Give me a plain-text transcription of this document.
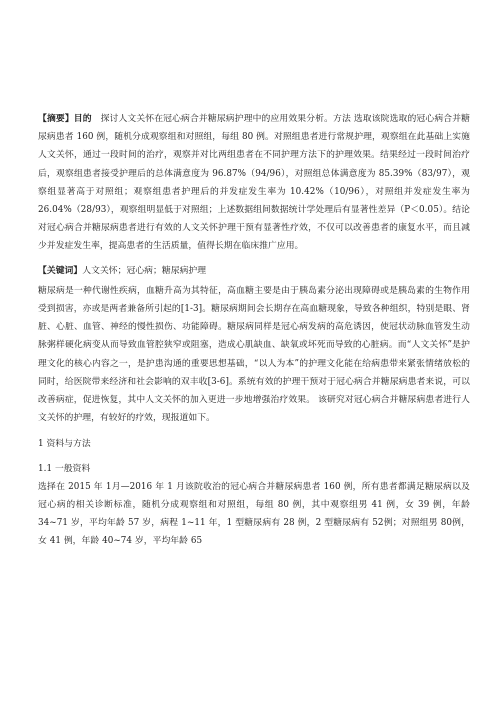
【摘要】目的  探讨人文关怀在冠心病合并糖尿病护理中的应用效果分析。方法 选取该院选取的冠心病合并糖尿病患者 160 例，随机分成观察组和对照组，每组 80 例。对照组患者进行常规护理，观察组在此基础上实施人文关怀，通过一段时间的治疗，观察并对比两组患者在不同护理方法下的护理效果。结果经过一段时间治疗后，观察组患者接受护理后的总体满意度为 96.87%（94/96），对照组总体满意度为 85.39%（83/97），观察组显著高于对照组；观察组患者护理后的并发症发生率为 10.42%（10/96），对照组并发症发生率为 26.04%（28/93），观察组明显低于对照组；上述数据组间数据统计学处理后有显著性差异（P＜0.05）。结论对冠心病合并糖尿病患者进行有效的人文关怀护理干预有显著性疗效，不仅可以改善患者的康复水平，而且减少并发症发生率，提高患者的生活质量，值得长期在临床推广应用。

【关键词】人文关怀；冠心病；糖尿病护理

糖尿病是一种代谢性疾病，血糖升高为其特征，高血糖主要是由于胰岛素分泌出现障碍或是胰岛素的生物作用受到损害，亦或是两者兼备所引起的[1-3]。糖尿病期间会长期存在高血糖现象，导致各种组织，特别是眼、肾脏、心脏、血管、神经的慢性损伤、功能障碍。糖尿病同样是冠心病发病的高危诱因，使冠状动脉血管发生动脉粥样硬化病变从而导致血管腔狭窄或阻塞，造成心肌缺血、缺氧或坏死而导致的心脏病。而“人文关怀”是护理文化的核心内容之一，是护患沟通的重要思想基础，“以人为本”的护理文化能在给病患带来紧张情绪放松的同时，给医院带来经济和社会影响的双丰收[3-6]。系统有效的护理干预对于冠心病合并糖尿病患者来说，可以改善病症，促进恢复，其中人文关怀的加入更进一步地增强治疗效果。 该研究对冠心病合并糖尿病患者进行人文关怀的护理，有较好的疗效，现报道如下。

1 资料与方法

1.1 一般资料

选择在 2015 年 1月—2016 年 1 月该院收治的冠心病合并糖尿病患者 160 例，所有患者都满足糖尿病以及冠心病的相关诊断标准，随机分成观察组和对照组，每组 80 例，其中观察组男 41 例，女 39 例，年龄 34~71 岁，平均年龄 57 岁，病程 1~11 年，1 型糖尿病有 28 例，2 型糖尿病有 52例；对照组男 80例，女 41 例，年龄 40~74 岁，平均年龄 65
